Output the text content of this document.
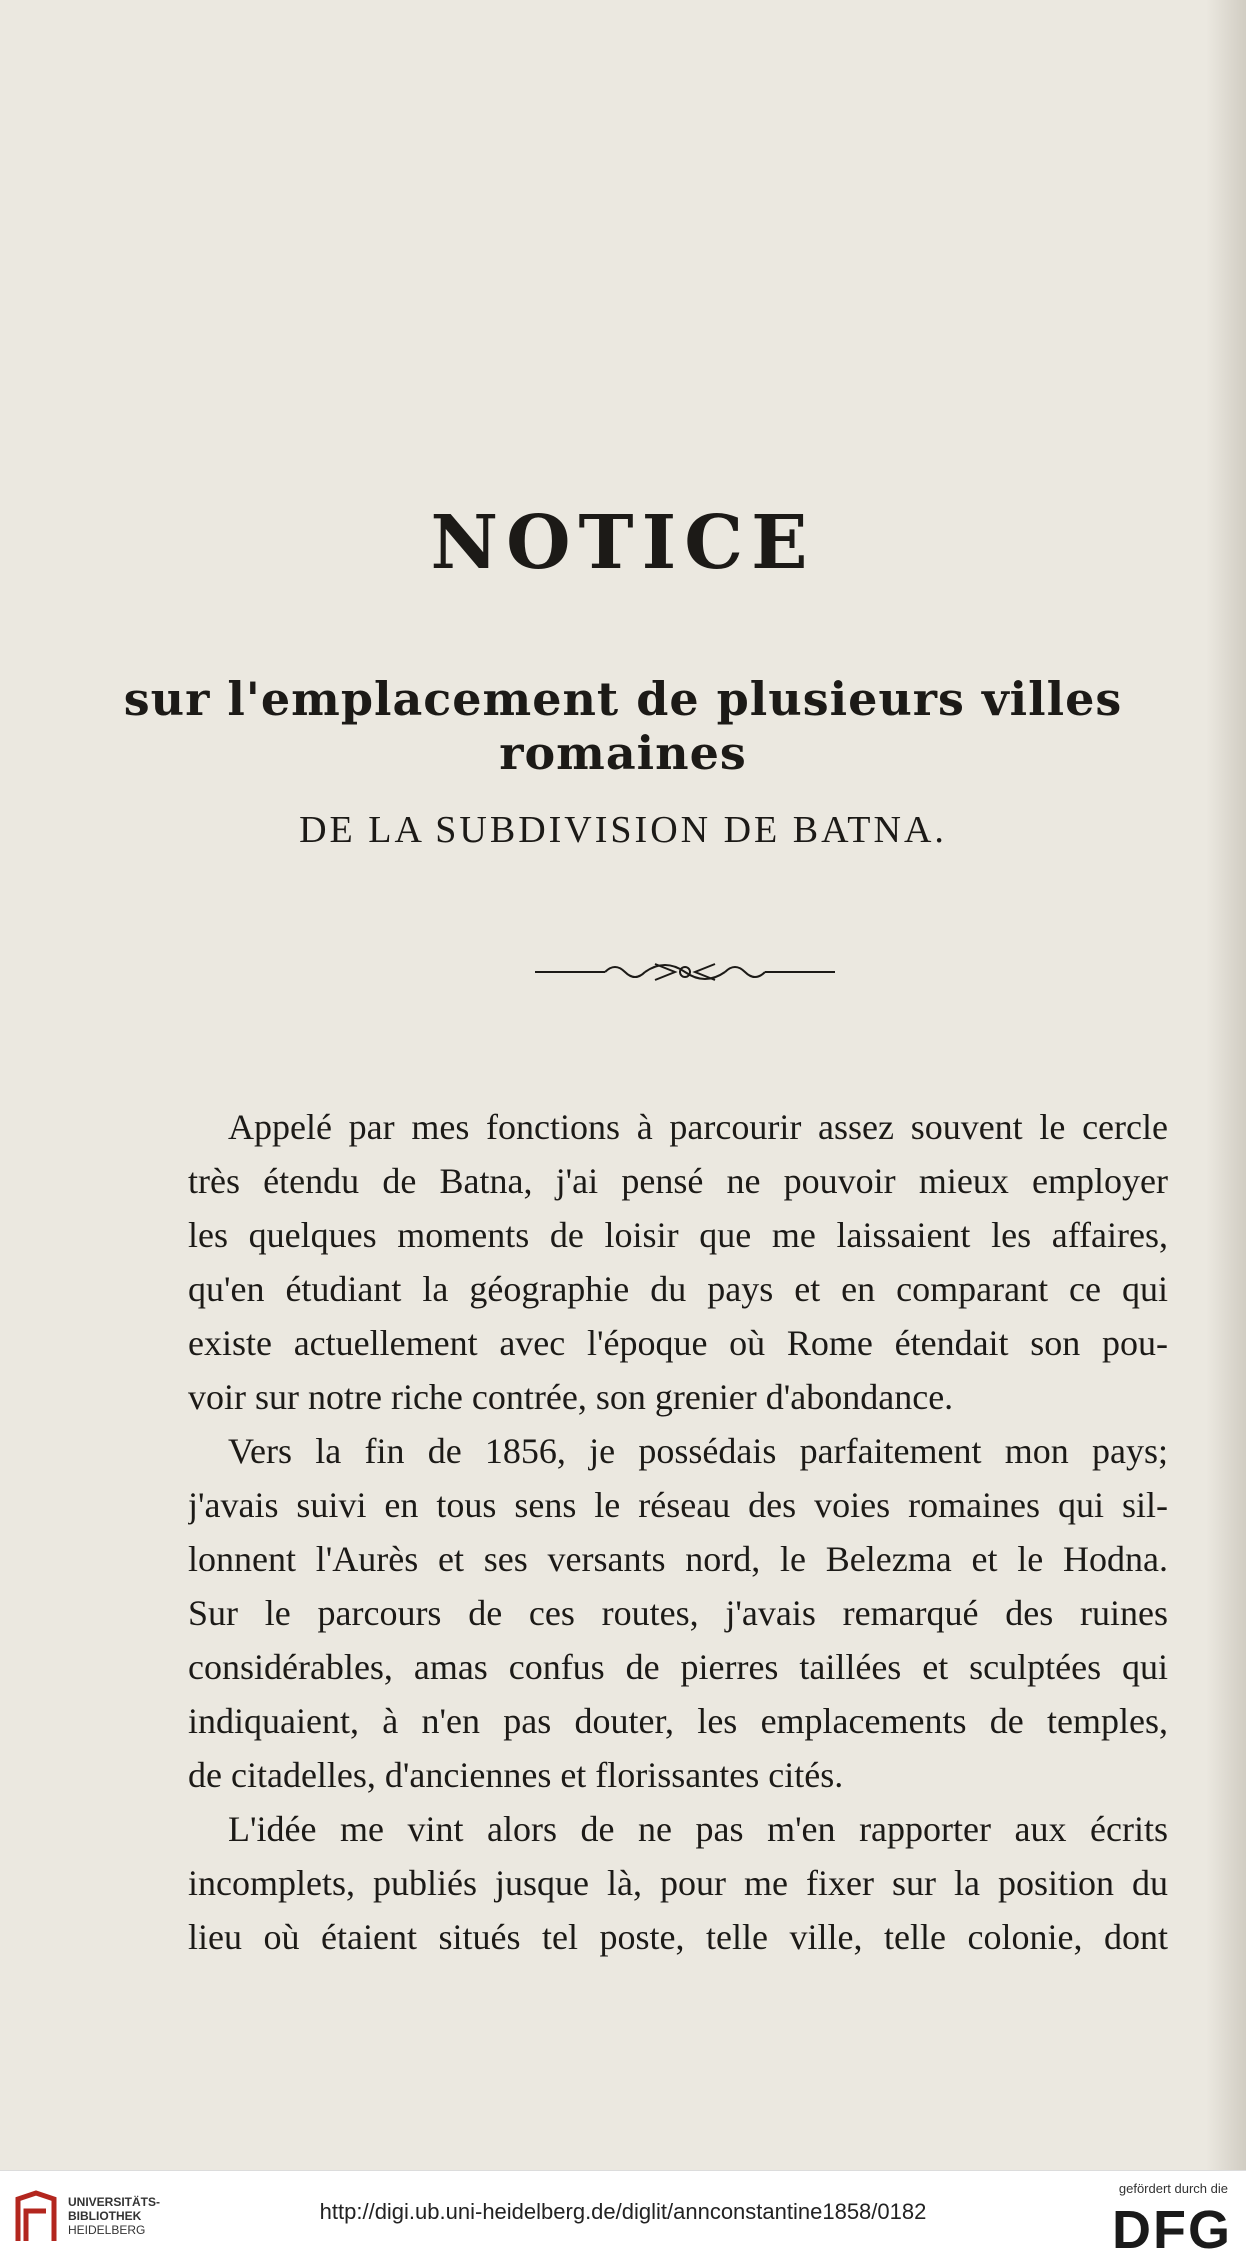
NOTICE
sur l'emplacement de plusieurs villes romaines
DE LA SUBDIVISION DE BATNA.

Appelé par mes fonctions à parcourir assez souvent le cercle

très étendu de Batna, j'ai pensé ne pouvoir mieux employer

les quelques moments de loisir que me laissaient les affaires,

qu'en étudiant la géographie du pays et en comparant ce qui

existe actuellement avec l'époque où Rome étendait son pou-

voir sur notre riche contrée, son grenier d'abondance.

Vers la fin de 1856, je possédais parfaitement mon pays;

j'avais suivi en tous sens le réseau des voies romaines qui sil-

lonnent l'Aurès et ses versants nord, le Belezma et le Hodna.

Sur le parcours de ces routes, j'avais remarqué des ruines

considérables, amas confus de pierres taillées et sculptées qui

indiquaient, à n'en pas douter, les emplacements de temples,

de citadelles, d'anciennes et florissantes cités.

L'idée me vint alors de ne pas m'en rapporter aux écrits

incomplets, publiés jusque là, pour me fixer sur la position du

lieu où étaient situés tel poste, telle ville, telle colonie, dont

UNIVERSITÄTS-
BIBLIOTHEK
HEIDELBERG
http://digi.ub.uni-heidelberg.de/diglit/annconstantine1858/0182
gefördert durch die
DFG
